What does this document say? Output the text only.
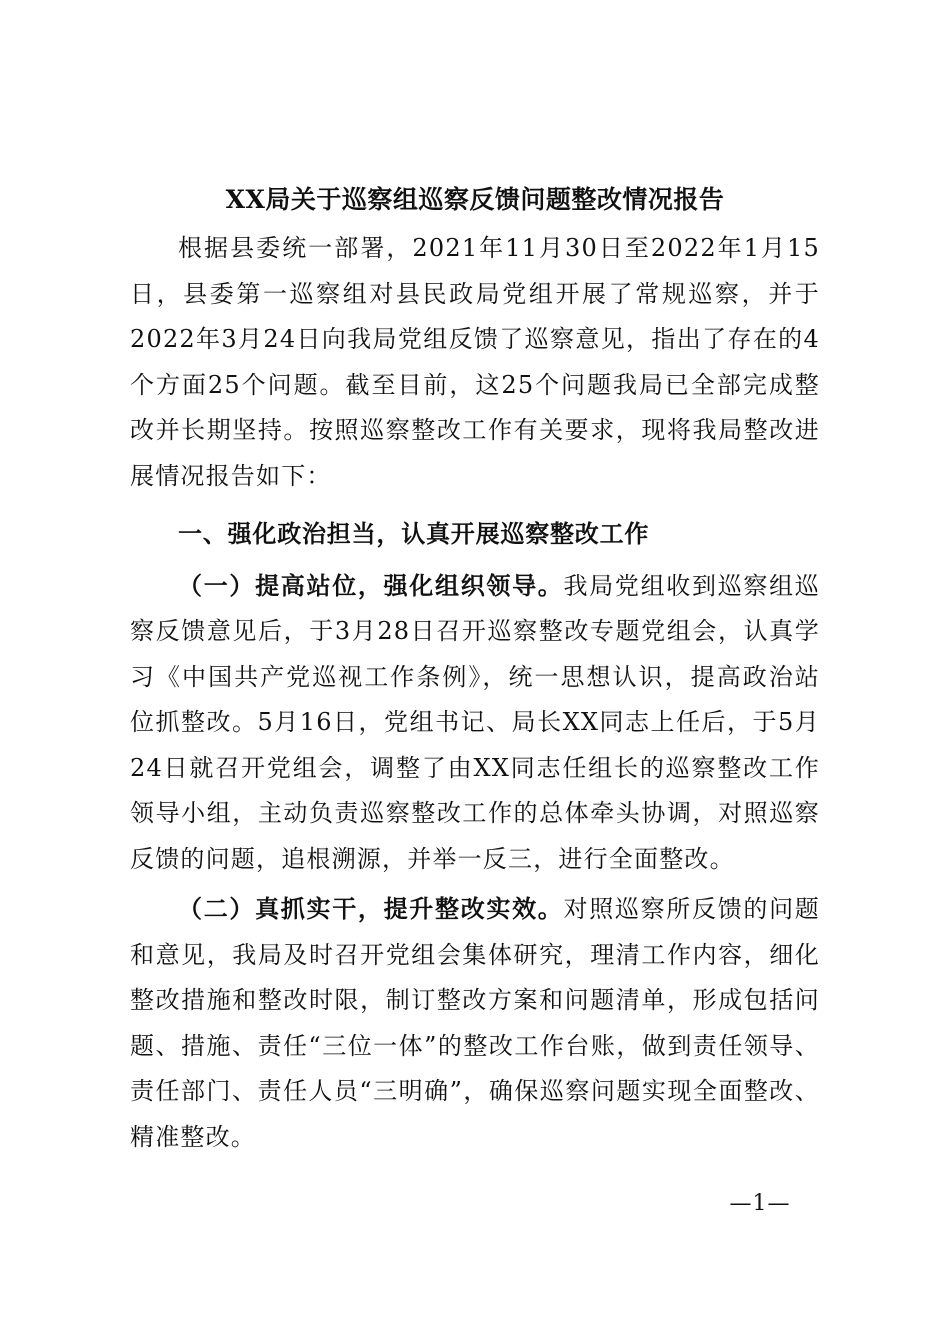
XX局关于巡察组巡察反馈问题整改情况报告

根据县委统一部署，2021年11月30日至2022年1月15日，县委第一巡察组对县民政局党组开展了常规巡察，并于2022年3月24日向我局党组反馈了巡察意见，指出了存在的4个方面25个问题。截至目前，这25个问题我局已全部完成整改并长期坚持。按照巡察整改工作有关要求，现将我局整改进展情况报告如下：

一、强化政治担当，认真开展巡察整改工作

（一）提高站位，强化组织领导。我局党组收到巡察组巡察反馈意见后，于3月28日召开巡察整改专题党组会，认真学习《中国共产党巡视工作条例》，统一思想认识，提高政治站位抓整改。5月16日，党组书记、局长XX同志上任后，于5月24日就召开党组会，调整了由XX同志任组长的巡察整改工作领导小组，主动负责巡察整改工作的总体牵头协调，对照巡察反馈的问题，追根溯源，并举一反三，进行全面整改。

（二）真抓实干，提升整改实效。对照巡察所反馈的问题和意见，我局及时召开党组会集体研究，理清工作内容，细化整改措施和整改时限，制订整改方案和问题清单，形成包括问题、措施、责任“三位一体”的整改工作台账，做到责任领导、责任部门、责任人员“三明确”，确保巡察问题实现全面整改、精准整改。

—1—
